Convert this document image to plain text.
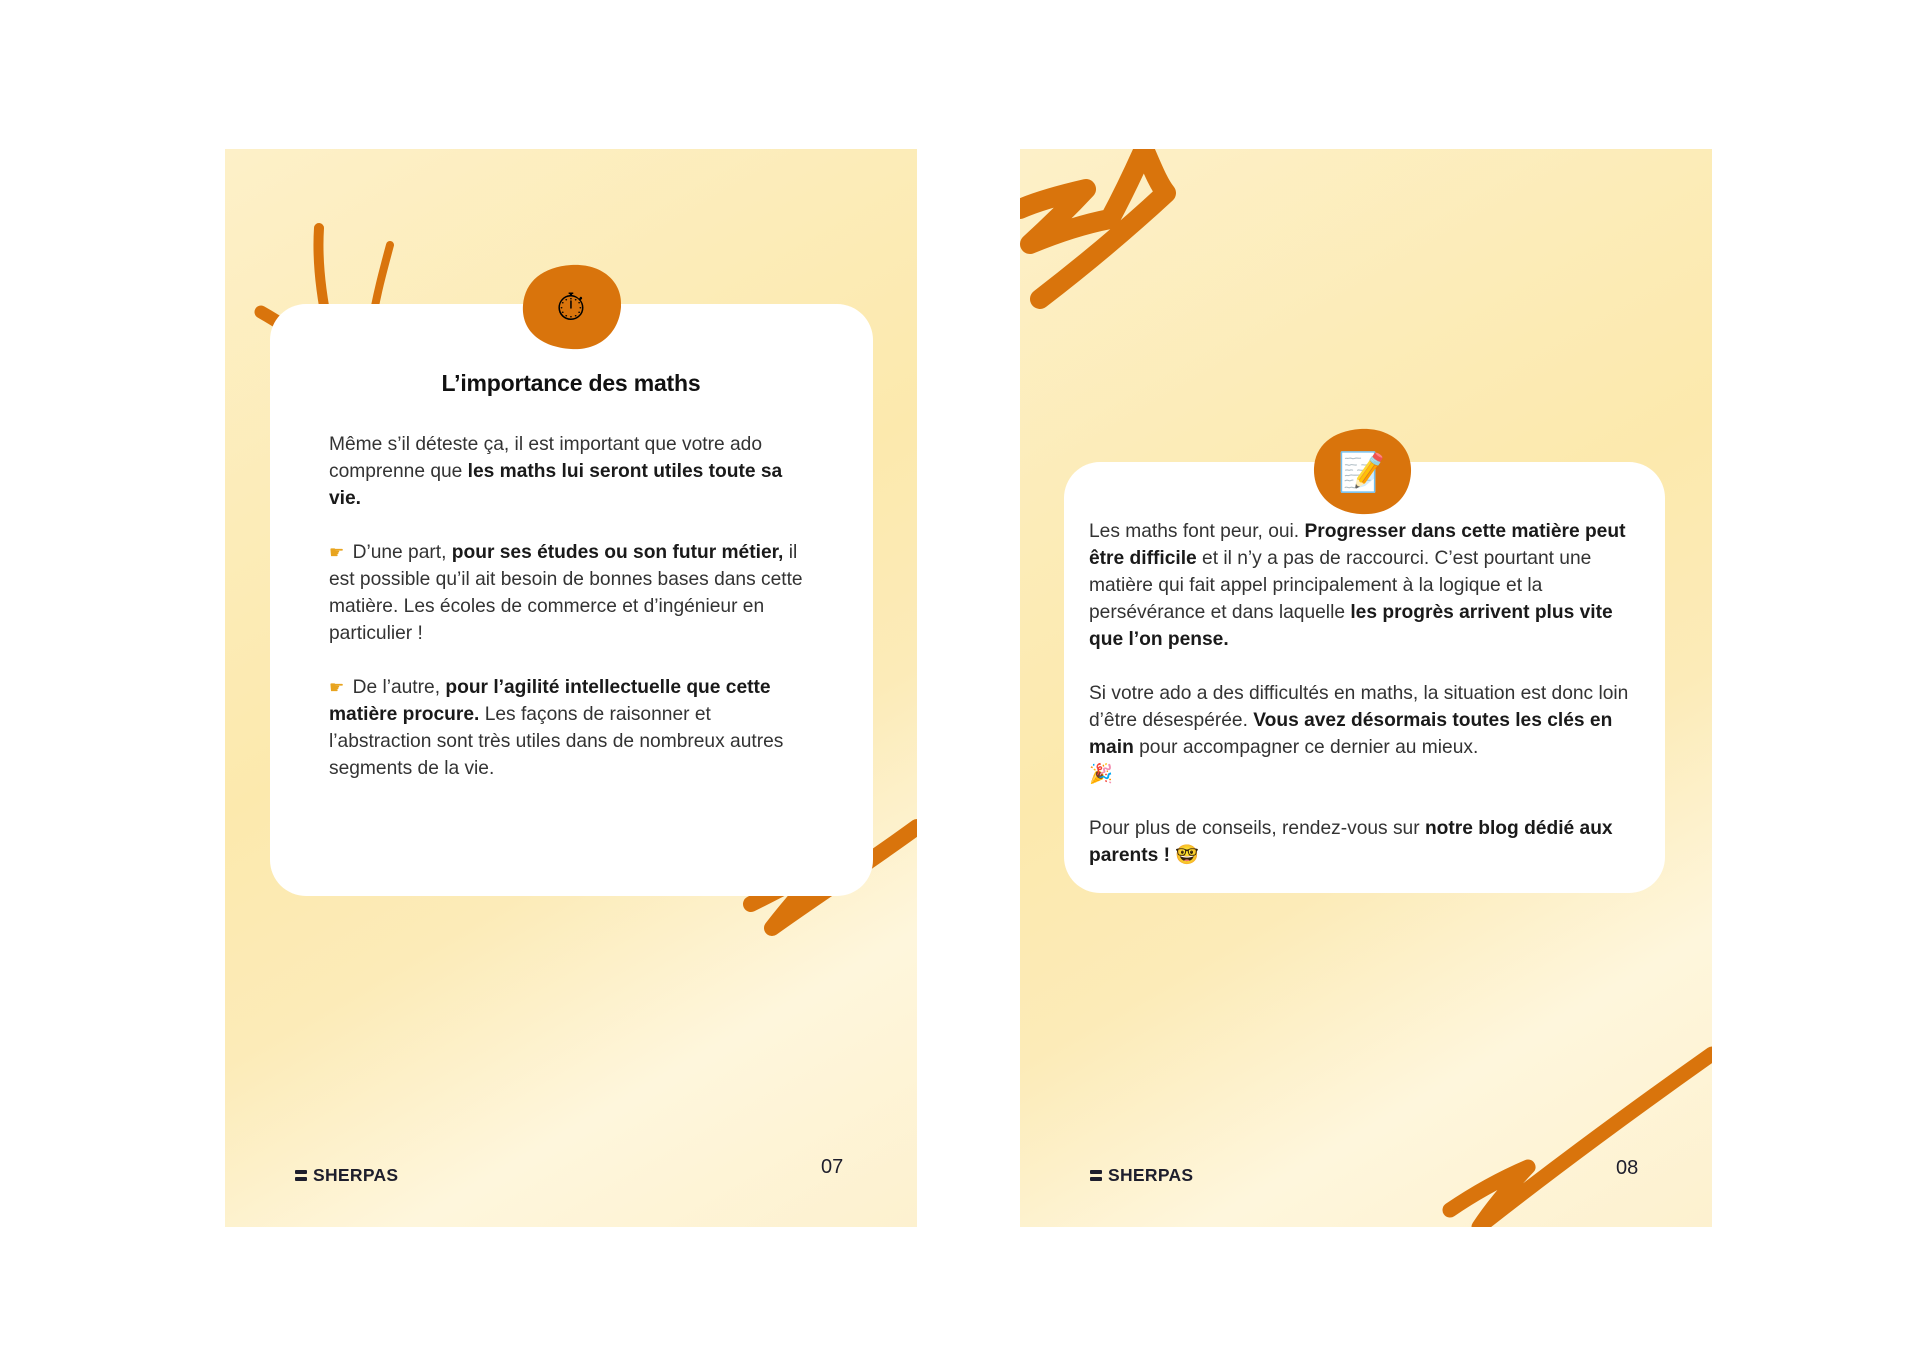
L’importance des maths

Même s’il déteste ça, il est important que votre ado comprenne que les maths lui seront utiles toute sa vie.

☛ D’une part, pour ses études ou son futur métier, il est possible qu’il ait besoin de bonnes bases dans cette matière. Les écoles de commerce et d’ingénieur en particulier !

☛ De l’autre, pour l’agilité intellectuelle que cette matière procure. Les façons de raisonner et l’abstraction sont très utiles dans de nombreux autres segments de la vie.

⏱
SHERPAS	07

Les maths font peur, oui. Progresser dans cette matière peut être difficile et il n’y a pas de raccourci. C’est pourtant une matière qui fait appel principalement à la logique et la persévérance et dans laquelle les progrès arrivent plus vite que l’on pense.

Si votre ado a des difficultés en maths, la situation est donc loin d’être désespérée. Vous avez désormais toutes les clés en main pour accompagner ce dernier au mieux.
🎉

Pour plus de conseils, rendez-vous sur notre blog dédié aux parents ! 🤓

📝
SHERPAS	08
